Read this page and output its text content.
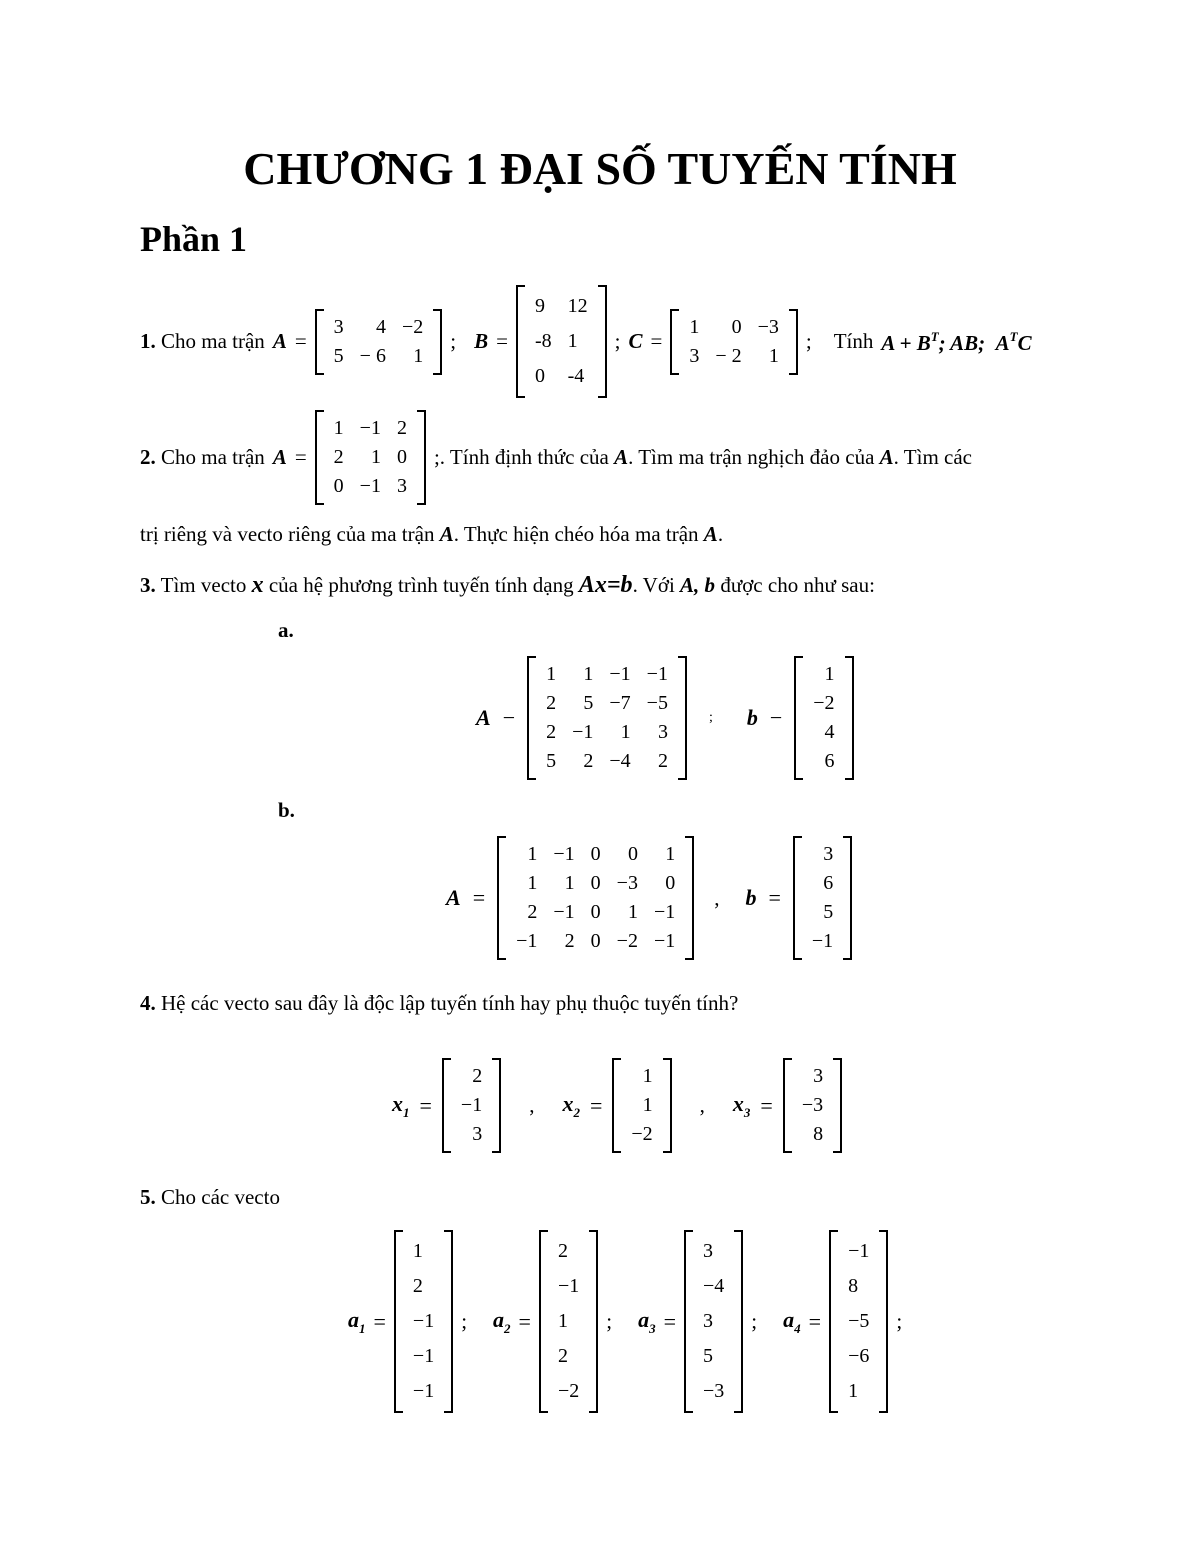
CHƯƠNG 1 ĐẠI SỐ TUYẾN TÍNH
Phần 1
1. Cho ma trận A =
3	4	−2
5	− 6	1
; B =
9	12
-8	1
0	-4
; C =
1	0	−3
3	− 2	1
; Tính $A + B^T$; AB; $A^TC$
2. Cho ma trận A =
1	−1	2
2	1	0
0	−1	3
;. Tính định thức của A. Tìm ma trận nghịch đảo của A. Tìm các
trị riêng và vecto riêng của ma trận A. Thực hiện chéo hóa ma trận A.
3. Tìm vecto x của hệ phương trình tuyến tính dạng Ax=b. Với A, b được cho như sau:
a.
A −
1	1	−1	−1
2	5	−7	−5
2	−1	1	3
5	2	−4	2
; b −
1
−2
4
6
b.
A =
1	−1	0	0	1
1	1	0	−3	0
2	−1	0	1	−1
−1	2	0	−2	−1
, b =
3
6
5
−1
4. Hệ các vecto sau đây là độc lập tuyến tính hay phụ thuộc tuyến tính?
$x_1$ =
2
−1
3
, $x_2$ =
1
1
−2
, $x_3$ =
3
−3
8
5. Cho các vecto
$a_1$ =
1
2
−1
−1
−1
; $a_2$ =
2
−1
1
2
−2
; $a_3$ =
3
−4
3
5
−3
; $a_4$ =
−1
8
−5
−6
1
;
